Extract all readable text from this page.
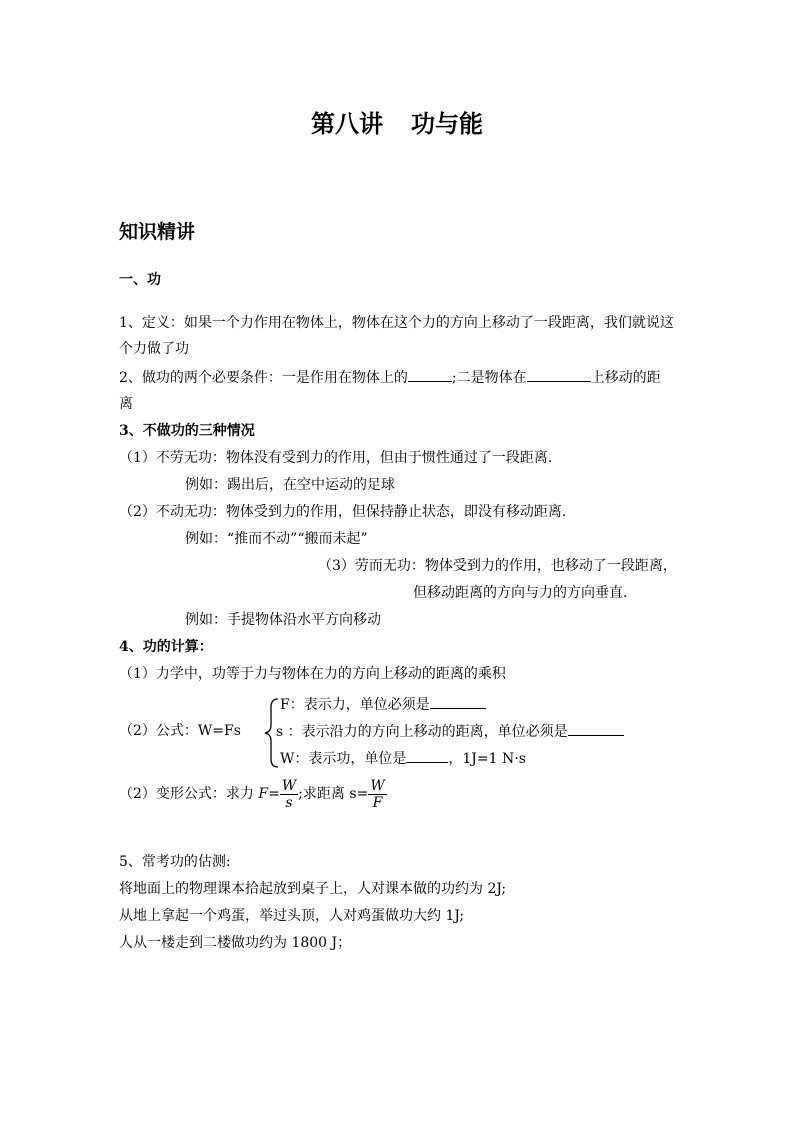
第八讲 功与能
知识精讲
一、功
1、定义：如果一个力作用在物体上，物体在这个力的方向上移动了一段距离，我们就说这
个力做了功
2、做功的两个必要条件：一是作用在物体上的	;二是物体在	上移动的距
离
3、不做功的三种情况
（1）不劳无功：物体没有受到力的作用，但由于惯性通过了一段距离.
例如：踢出后，在空中运动的足球
（2）不动无功：物体受到力的作用，但保持静止状态，即没有移动距离.
例如：“推而不动”“搬而未起”
（3）劳而无功：物体受到力的作用，也移动了一段距离，
但移动距离的方向与力的方向垂直.
例如：手提物体沿水平方向移动
4、功的计算：
（1）力学中，功等于力与物体在力的方向上移动的距离的乘积
（2）公式：W=Fs
F：表示力，单位必须是
s ：表示沿力的方向上移动的距离，单位必须是
W：表示功，单位是	，1J=1 N·s
（2）变形公式：求力 $F= \frac{W}{s}$ ;求距离 $s= \frac{W}{F}$
5、常考功的估测:
将地面上的物理课本拾起放到桌子上，人对课本做的功约为 2J;
从地上拿起一个鸡蛋，举过头顶，人对鸡蛋做功大约 1J;
人从一楼走到二楼做功约为 1800 J；
